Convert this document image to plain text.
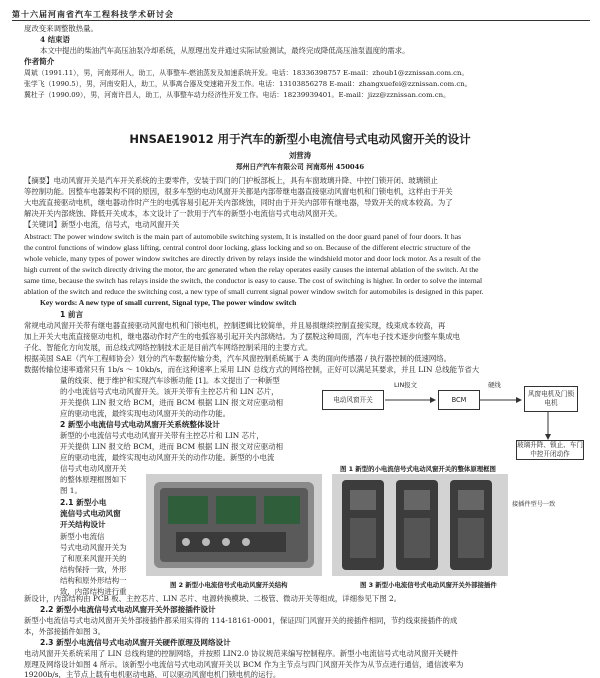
第十六届河南省汽车工程科技学术研讨会

度改变来调整散热量。

4 结束语

本文中提出的柴油汽车高压油泵冷却系统，从原理出发并通过实际试验测试，最终完成降低高压油泵温度的需求。

作者简介

周斌（1991.11），男，河南郑州人，助工，从事整车-燃油蒸发及加速系统开发。电话：18336398757 E-mail：zhoub1@zznissan.com.cn。

张学飞（1990.5），男，河南安阳人，助工，从事离合器及变速箱开发工作。电话：13103856278 E-mail：zhangxuefei@zznissan.com.cn。

冀杜子（1990.09），男，河南许昌人，助工，从事整车动力经济性开发工作。电话：18239939401。E-mail：jizz@zznissan.com.cn。

HNSAE19012 用于汽车的新型小电流信号式电动风窗开关的设计

刘营涛

郑州日产汽车有限公司 河南郑州 450046

【摘要】电动风窗开关是汽车开关系统的主要零件，安装于四门的门护板部板上，具有车窗玻璃升降、中控门锁开闭、玻璃锁止

等控制功能。因整车电器架构不同的原因，很多车型的电动风窗开关都是内部带继电器直接驱动风窗电机和门锁电机，这样由于开关

大电流直接驱动电机，继电器动作时产生的电弧容易引起开关内部烧蚀，同时由于开关内部带有继电器，导致开关的成本较高。为了

解决开关内部烧蚀、降低开关成本，本文设计了一款用于汽车的新型小电流信号式电动风窗开关。

【关键词】新型小电流，信号式，电动风窗开关

Abstract: The power window switch is the main part of automobile switching system, It is installed on the door guard panel of four doors. It has

the control functions of window glass lifting, central control door locking, glass locking and so on. Because of the different electric structure of the

whole vehicle, many types of power window switches are directly driven by relays inside the windshield motor and door lock motor. As a result of the

high current of the switch directly driving the motor, the arc generated when the relay operates easily causes the internal ablation of the switch. At the

same time, because the switch has relays inside the switch, the conductor is easy to cause. The cost of switching is higher. In order to solve the internal

ablation of the switch and reduce the switching cost, a new type of small current signal power window switch for automobiles is designed in this paper.

Key words: A new type of small current, Signal type, The power window switch

1 前言

常规电动风窗开关带有继电器直接驱动风窗电机和门锁电机，控制逻辑比较简单，并且易损继续控制直接实现，线束成本较高，再

加上开关大电流直接驱动电机，继电器动作时产生的电弧容易引起开关内部烧结。为了摆脱这种局面，汽车电子技术逐步向整车集成电

子化、智能化方向发展，而总线式网络控制技术正是目前汽车网络控制采用的主要方式。

根据美国 SAE（汽车工程师协会）划分的汽车数据传输分类，汽车风窗控制系统属于 A 类的面向传感器 / 执行器控制的低速网络。

数据传输位速率通常只有 1b/s ～ 10kb/s，而在这种速率上采用 LIN 总线方式的网络控制，正好可以满足其要求，并且 LIN 总线能节省大

量的线束、便于维护和实现汽车诊断功能 [1]。本文提出了一种新型

的小电流信号式电动风窗开关。该开关带有主控芯片和 LIN 芯片，

开关提供 LIN 报文给 BCM，进而 BCM 根据 LIN 报文对应驱动相

应的驱动电流，最终实现电动风窗开关的动作功能。

2 新型小电流信号式电动风窗开关系统整体设计

新型的小电流信号式电动风窗开关带有主控芯片和 LIN 芯片，

开关提供 LIN 报文给 BCM，进而 BCM 根据 LIN 报文对应驱动相

应的驱动电流，最终实现电动风窗开关的动作功能。新型的小电流

信号式电动风窗开关

的整体原理框图如下

图 1。

2.1 新型小电

流信号式电动风窗

开关结构设计

新型小电流信

号式电动风窗开关为

了和原来风窗开关的

结构保持一致，外形

结构和原外形结构一

致，内部结构进行重

电动风窗开关
LIN报文
BCM
硬线
风窗电机及门锁电机
玻璃升降、锁止、车门中控开闭动作

图 1 新型的小电流信号式电动风窗开关的整体原理框图

图 2 新型小电流信号式电动风窗开关结构

接插件型号一致

图 3 新型小电流信号式电动风窗开关外部接插件

新设计，内部结构由 PCB 板、主控芯片、LIN 芯片、电源转换模块、二极管、微动开关等组成，详细参见下图 2。

2.2 新型小电流信号式电动风窗开关外部接插件设计

新型小电流信号式电动风窗开关外部接插件都采用实得的 114-18161-0001，保证四门风窗开关的接插件相同，节约线束接插件的成

本，外部接插件如图 3。

2.3 新型小电流信号式电动风窗开关硬件原理及网络设计

电动风窗开关系统采用了 LIN 总线构建的控制网络，并按照 LIN2.0 协议规范来编写控制程序。新型小电流信号式电动风窗开关硬件

原理及网络设计如图 4 所示。该新型小电流信号式电动风窗开关以 BCM 作为主节点与四门风窗开关作为从节点进行通信，通信波率为

19200b/s，主节点上载有电机驱动电路，可以驱动风窗电机门锁电机的运行。
